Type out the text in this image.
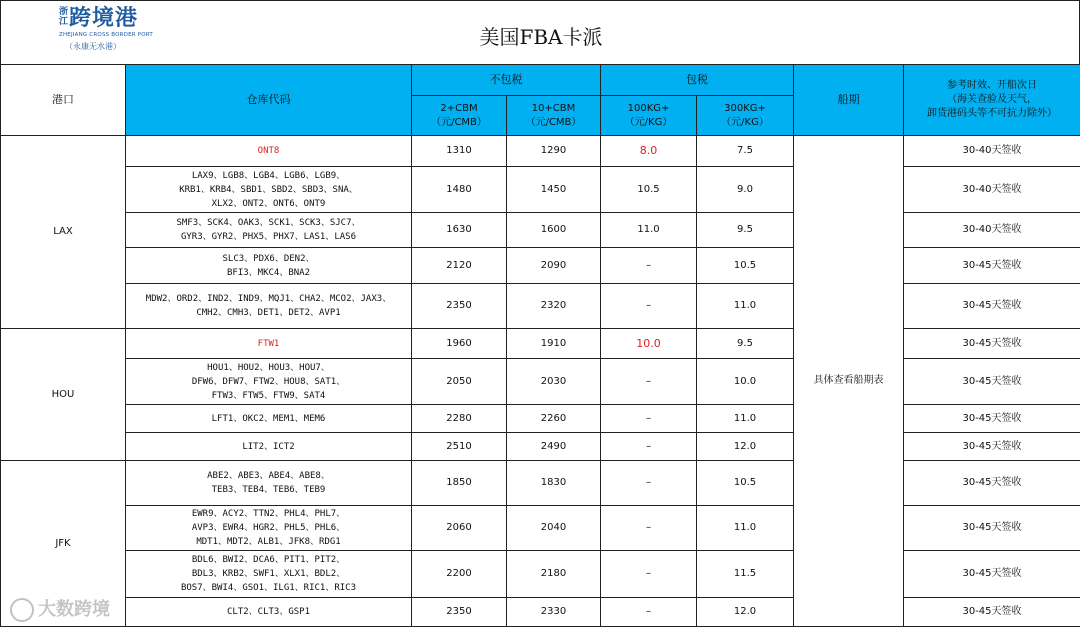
浙江跨境港
ZHEJIANG CROSS BORDER PORT
（永康无水港）	美国FBA卡派
港口	仓库代码	不包税		包税		船期	参考时效、开船次日
（海关查验及天气，
卸货港码头等不可抗力除外）
		2+CBM
（元/CMB）	10+CBM
（元/CMB）	100KG+
（元/KG）	300KG+
（元/KG）		
LAX	ONT8	1310	1290	8.0	7.5	具体查看船期表	30-40天签收
	LAX9、LGB8、LGB4、LGB6、LGB9、
KRB1、KRB4、SBD1、SBD2、SBD3、SNA、
XLX2、ONT2、ONT6、ONT9	1480	1450	10.5	9.0		30-40天签收
	SMF3、SCK4、OAK3、SCK1、SCK3、SJC7、
GYR3、GYR2、PHX5、PHX7、LAS1、LAS6	1630	1600	11.0	9.5		30-40天签收
	SLC3、PDX6、DEN2、
BFI3、MKC4、BNA2	2120	2090	–	10.5		30-45天签收
	MDW2、ORD2、IND2、IND9、MQJ1、CHA2、MCO2、JAX3、
CMH2、CMH3、DET1、DET2、AVP1	2350	2320	–	11.0		30-45天签收
HOU	FTW1	1960	1910	10.0	9.5		30-45天签收
	HOU1、HOU2、HOU3、HOU7、
DFW6、DFW7、FTW2、HOU8、SAT1、
FTW3、FTW5、FTW9、SAT4	2050	2030	–	10.0		30-45天签收
	LFT1、OKC2、MEM1、MEM6	2280	2260	–	11.0		30-45天签收
	LIT2、ICT2	2510	2490	–	12.0		30-45天签收
JFK	ABE2、ABE3、ABE4、ABE8、
TEB3、TEB4、TEB6、TEB9	1850	1830	–	10.5		30-45天签收
	EWR9、ACY2、TTN2、PHL4、PHL7、
AVP3、EWR4、HGR2、PHL5、PHL6、
MDT1、MDT2、ALB1、JFK8、RDG1	2060	2040	–	11.0		30-45天签收
	BDL6、BWI2、DCA6、PIT1、PIT2、
BDL3、KRB2、SWF1、XLX1、BDL2、
BOS7、BWI4、GSO1、ILG1、RIC1、RIC3	2200	2180	–	11.5		30-45天签收
	CLT2、CLT3、GSP1	2350	2330	–	12.0		30-45天签收
大数跨境
